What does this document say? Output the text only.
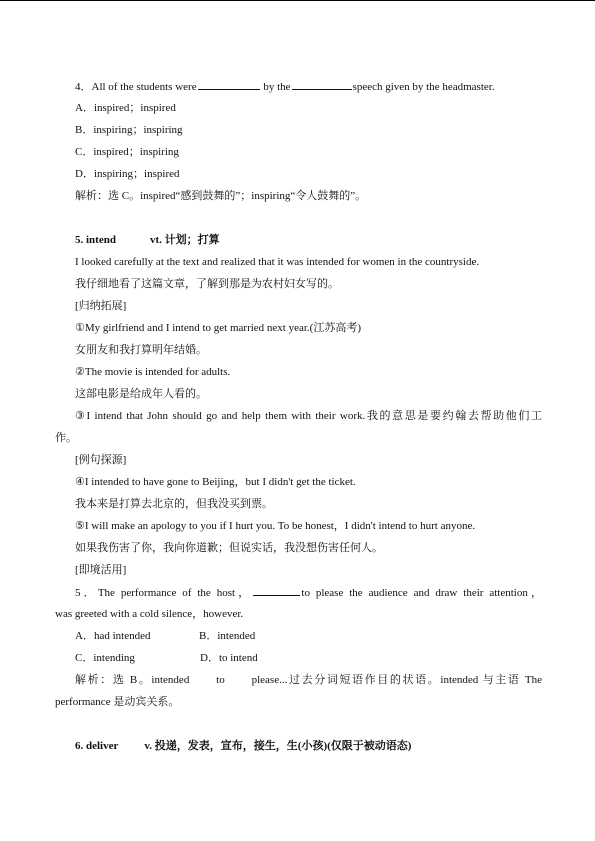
4．All of the students were	by the	speech given by the headmaster.
A．inspired；inspired
B．inspiring；inspiring
C．inspired；inspiring
D．inspiring；inspired
解析：选 C。inspired“感到鼓舞的”；inspiring“令人鼓舞的”。
5. intend	vt. 计划；打算
I looked carefully at the text and realized that it was intended for women in the countryside.
我仔细地看了这篇文章，了解到那是为农村妇女写的。
[归纳拓展]
①My girlfriend and I intend to get married next year.(江苏高考)
女朋友和我打算明年结婚。
②The movie is intended for adults.
这部电影是给成年人看的。
③I intend that John should go and help them with their work.我的意思是要约翰去帮助他们工
作。
[例句探源]
④I intended to have gone to Beijing，but I didn't get the ticket.
我本来是打算去北京的，但我没买到票。
⑤I will make an apology to you if I hurt you. To be honest，I didn't intend to hurt anyone.
如果我伤害了你，我向你道歉；但说实话，我没想伤害任何人。
[即境活用]
5．The performance of the host，	to please the audience and draw their attention，
was greeted with a cold silence，however.
A．had intended	B．intended
C．intending	D．to intend
解析：选 B。intended　　to　　please...过去分词短语作目的状语。intended 与主语 The
performance 是动宾关系。
6. deliver v. 投递，发表，宣布，接生，生(小孩)(仅限于被动语态)
